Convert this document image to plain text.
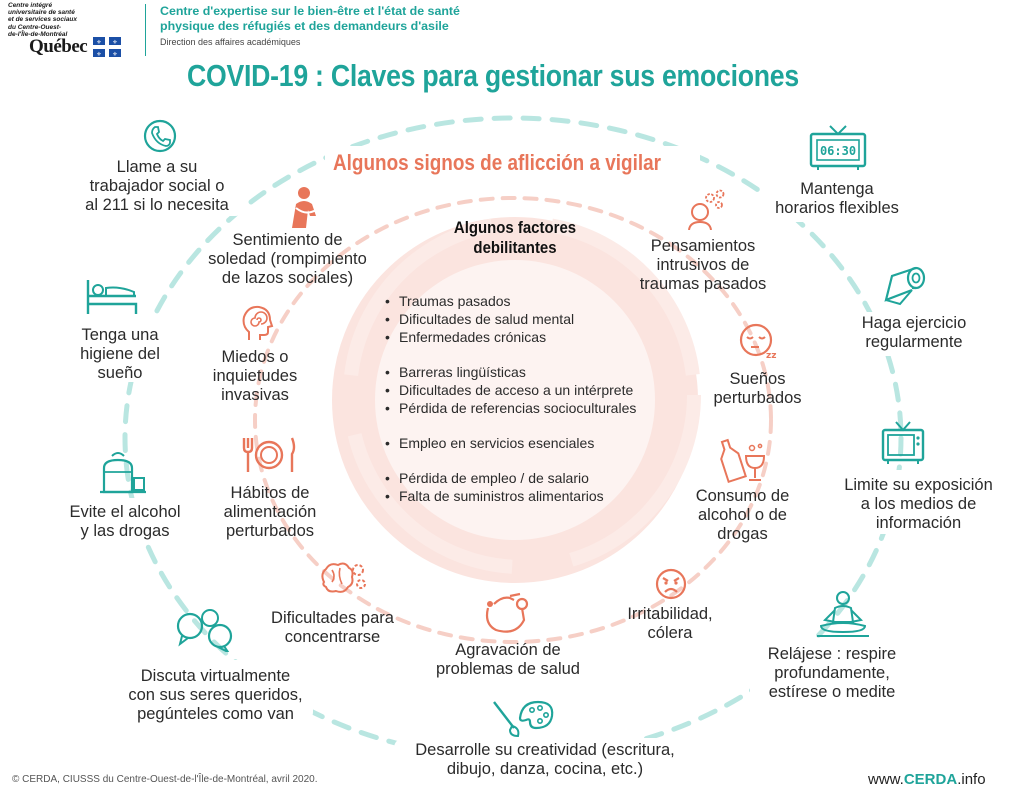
Centre intégré
universitaire de santé
et de services sociaux
du Centre-Ouest-
de-l'Île-de-Montréal
Québec ⚜ ⚜
⚜ ⚜
Centre d'expertise sur le bien-être et l'état de santé
physique des réfugiés et des demandeurs d'asile
Direction des affaires académiques
COVID-19 : Claves para gestionar sus emociones
Algunos signos de aflicción a vigilar
Algunos factores
debilitantes
• Traumas pasados
• Dificultades de salud mental
• Enfermedades crónicas
• Barreras lingüísticas
• Dificultades de acceso a un intérprete
• Pérdida de referencias socioculturales
• Empleo en servicios esenciales
• Pérdida de empleo / de salario
• Falta de suministros alimentarios
Sentimiento de
soledad (rompimiento
de lazos sociales)
Miedos o
inquietudes
invasivas
Hábitos de
alimentación
perturbados
Dificultades para
concentrarse
Agravación de
problemas de salud
Irritabilidad,
cólera
Consumo de
alcohol o de
drogas
zz
Sueños
perturbados
Pensamientos
intrusivos de
traumas pasados
Llame a su
trabajador social o
al 211 si lo necesita
Tenga una
higiene del
sueño
Evite el alcohol
y las drogas
Discuta virtualmente
con sus seres queridos,
pegúnteles como van
Desarrolle su creatividad (escritura,
dibujo, danza, cocina, etc.)
Relájese : respire
profundamente,
estírese o medite
Limite su exposición
a los medios de
información
Haga ejercicio
regularmente
06:30
Mantenga
horarios flexibles
© CERDA, CIUSSS du Centre-Ouest-de-l'Île-de-Montréal, avril 2020.	www.CERDA.info
